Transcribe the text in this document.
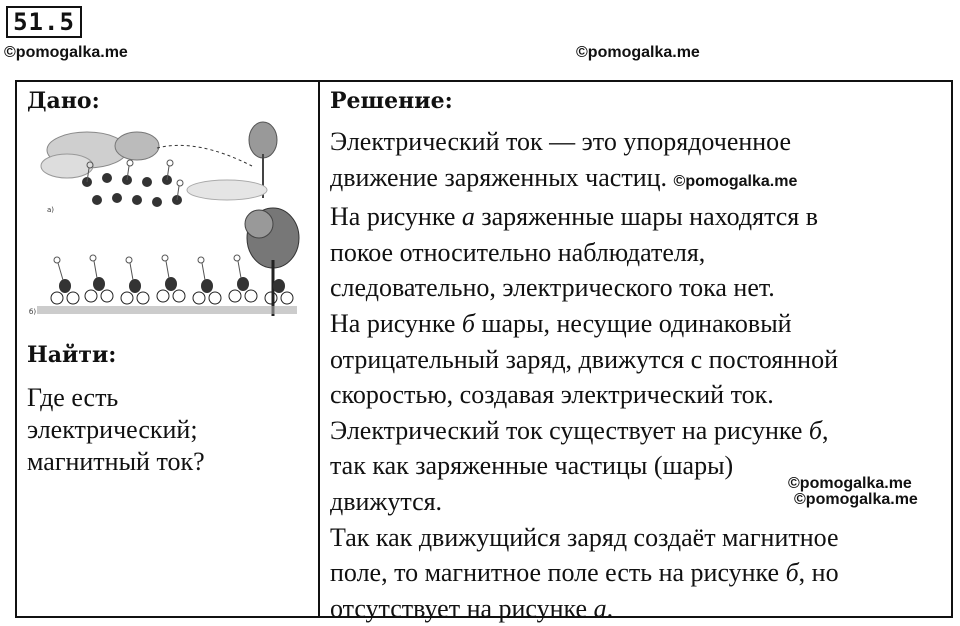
51.5
©pomogalka.me	©pomogalka.me
Дано:
а)
б)
Найти:
Где есть
электрический;
магнитный ток?
Решение:
Электрический ток — это упорядоченное
движение заряженных частиц. ©pomogalka.me
На рисунке а заряженные шары находятся в
покое относительно наблюдателя,
следовательно, электрического тока нет.
На рисунке б шары, несущие одинаковый
отрицательный заряд, движутся с постоянной
скоростью, создавая электрический ток.
Электрический ток существует на рисунке б,
так как заряженные частицы (шары)
движутся.
Так как движущийся заряд создаёт магнитное
поле, то магнитное поле есть на рисунке б, но
отсутствует на рисунке а.
©pomogalka.me
©pomogalka.me
